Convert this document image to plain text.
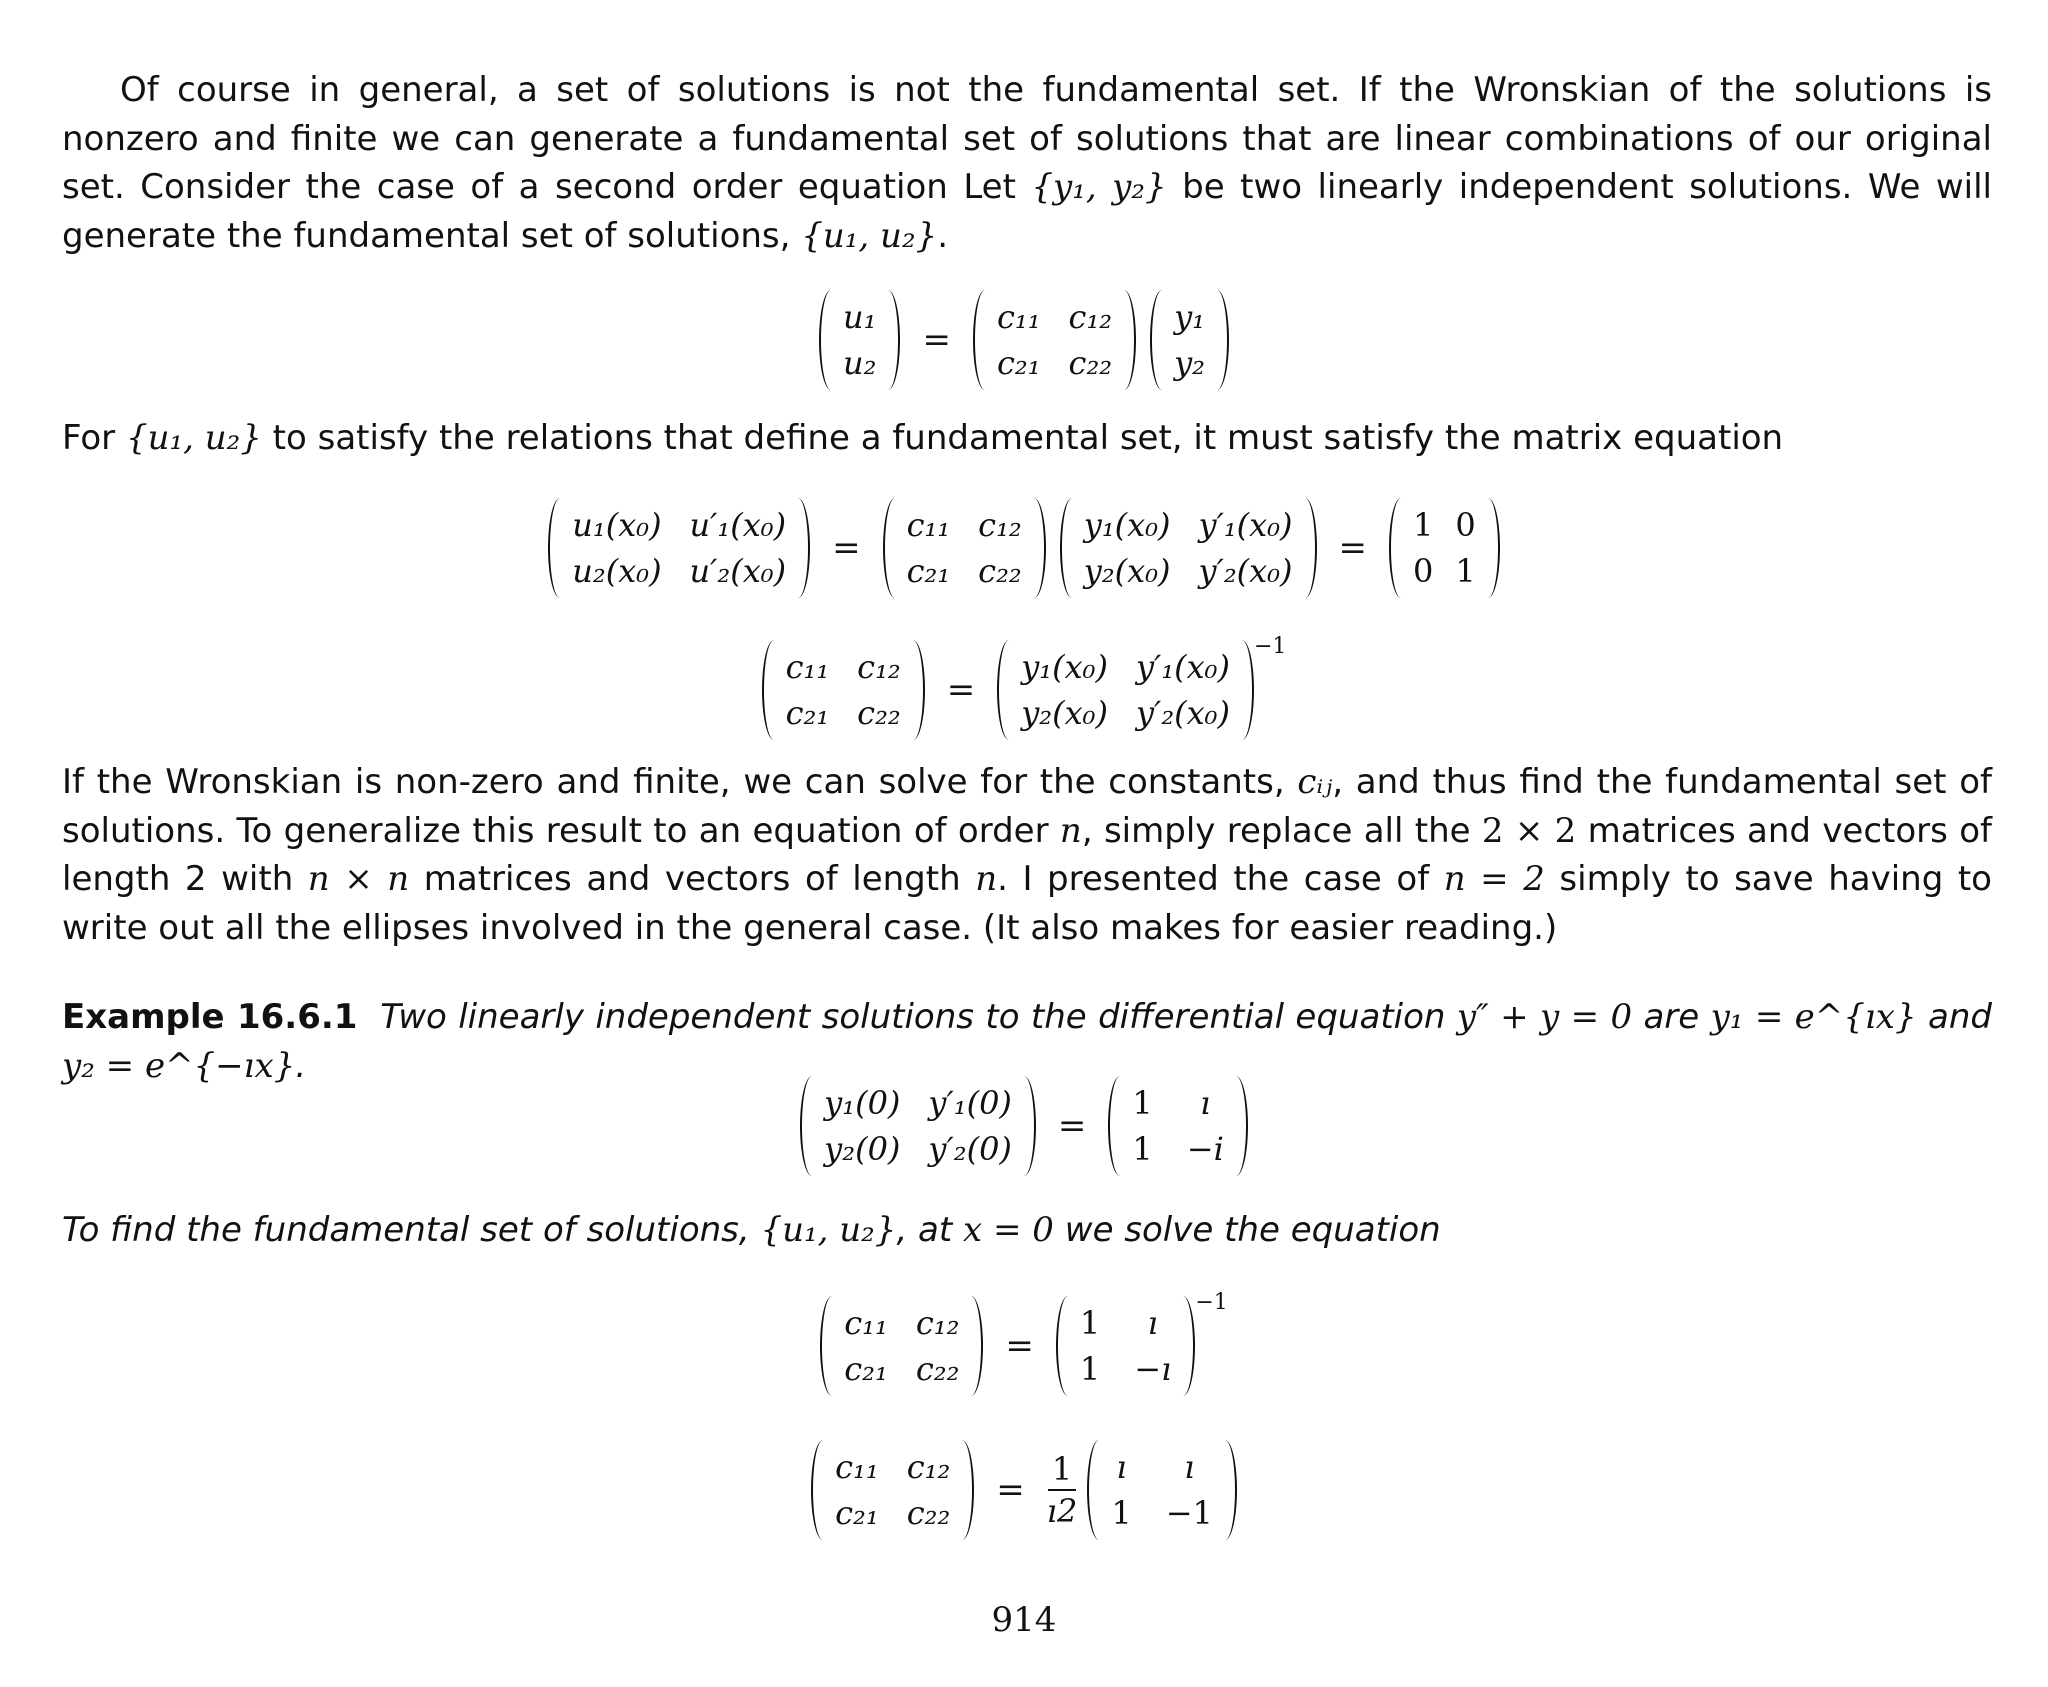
Of course in general, a set of solutions is not the fundamental set. If the Wronskian of the solutions is nonzero and finite we can generate a fundamental set of solutions that are linear combinations of our original set. Consider the case of a second order equation Let {y₁, y₂} be two linearly independent solutions. We will generate the fundamental set of solutions, {u₁, u₂}.
u₁
u₂
=
c₁₁ c₁₂
c₂₁ c₂₂
y₁
y₂
For {u₁, u₂} to satisfy the relations that define a fundamental set, it must satisfy the matrix equation
u₁(x₀) u′₁(x₀)
u₂(x₀) u′₂(x₀)
=
c₁₁ c₁₂
c₂₁ c₂₂
y₁(x₀) y′₁(x₀)
y₂(x₀) y′₂(x₀)
=
1 0
0 1
c₁₁ c₁₂
c₂₁ c₂₂
=
y₁(x₀) y′₁(x₀)
y₂(x₀) y′₂(x₀)
−1
If the Wronskian is non-zero and finite, we can solve for the constants, cᵢⱼ, and thus find the fundamental set of solutions. To generalize this result to an equation of order n, simply replace all the 2 × 2 matrices and vectors of length 2 with n × n matrices and vectors of length n. I presented the case of n = 2 simply to save having to write out all the ellipses involved in the general case. (It also makes for easier reading.)
Example 16.6.1 Two linearly independent solutions to the differential equation y″ + y = 0 are y₁ = e^{ıx} and y₂ = e^{−ıx}.
y₁(0) y′₁(0)
y₂(0) y′₂(0)
=
1 ı
1 −i
To find the fundamental set of solutions, {u₁, u₂}, at x = 0 we solve the equation
c₁₁ c₁₂
c₂₁ c₂₂
=
1 ı
1 −ı
−1
c₁₁ c₁₂
c₂₁ c₂₂
= $\frac{1}{ı2}$ ı ı
1 −1
914
